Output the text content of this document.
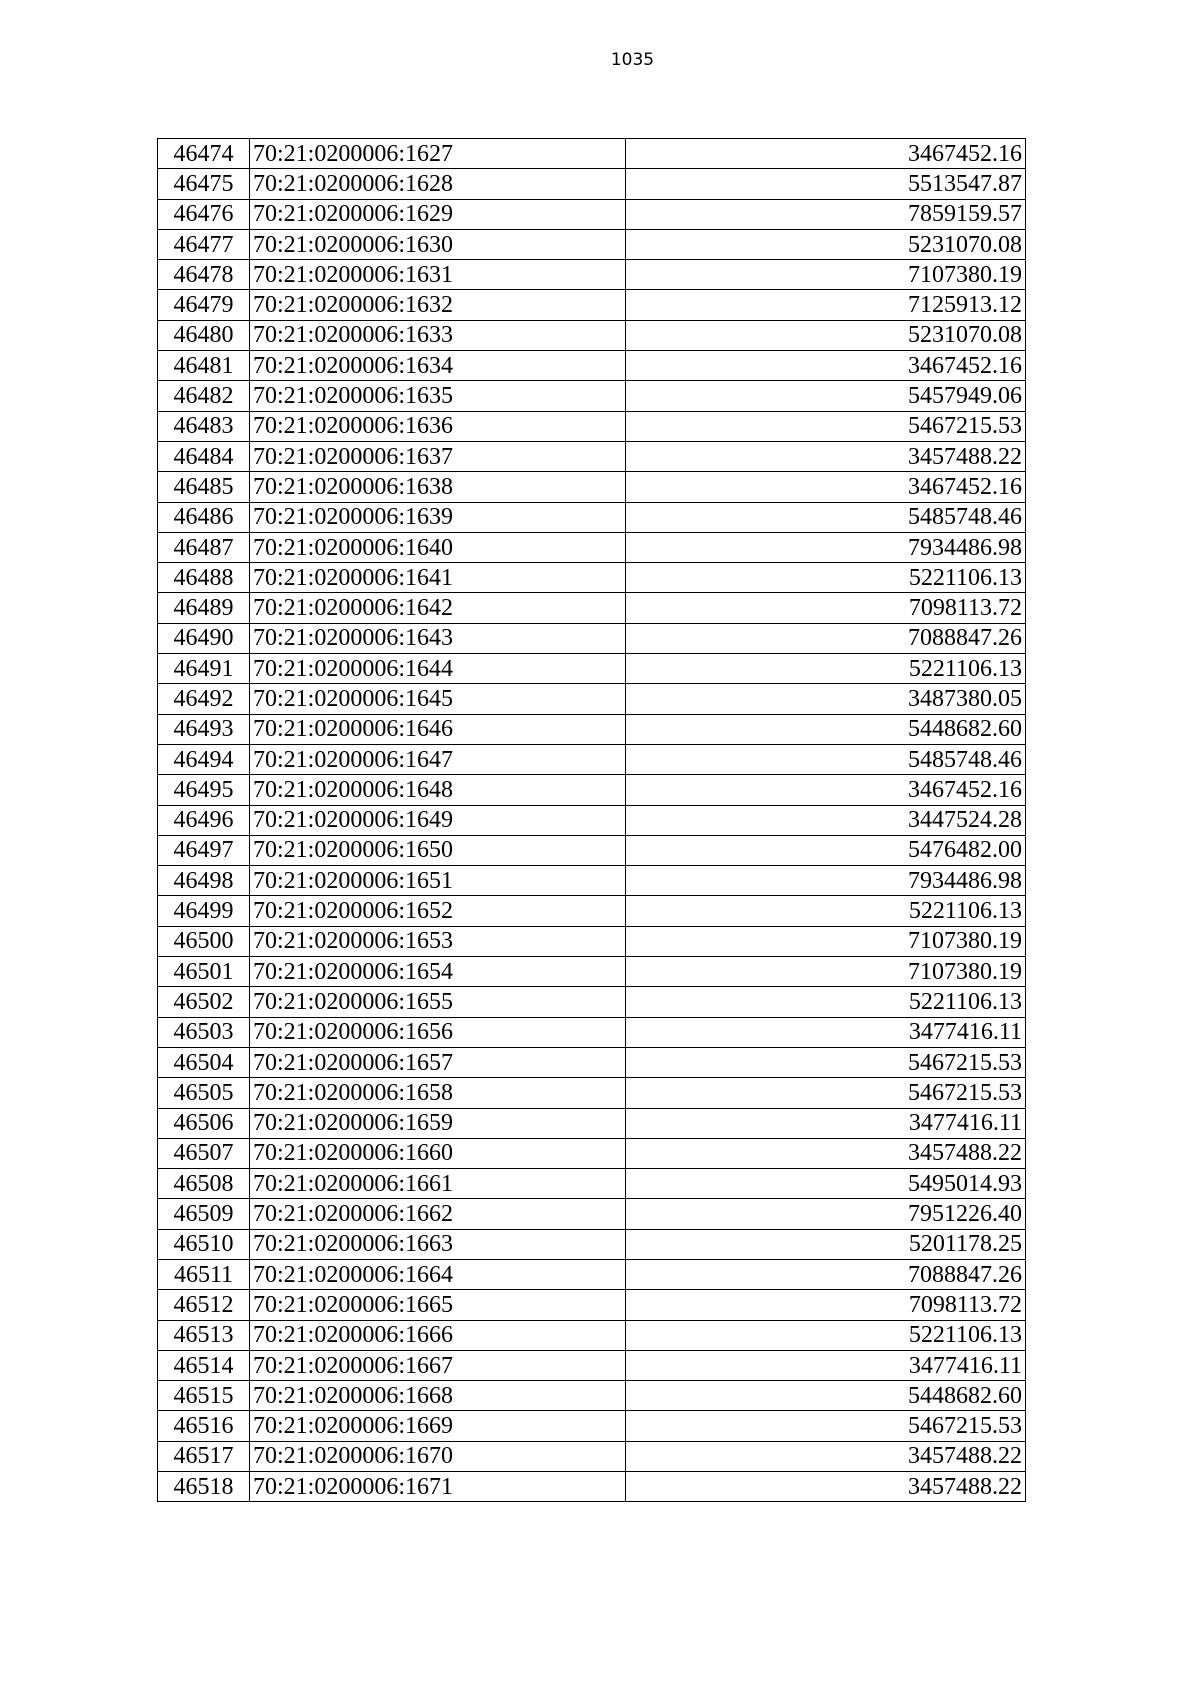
1035
46474	70:21:0200006:1627	3467452.16
46475	70:21:0200006:1628	5513547.87
46476	70:21:0200006:1629	7859159.57
46477	70:21:0200006:1630	5231070.08
46478	70:21:0200006:1631	7107380.19
46479	70:21:0200006:1632	7125913.12
46480	70:21:0200006:1633	5231070.08
46481	70:21:0200006:1634	3467452.16
46482	70:21:0200006:1635	5457949.06
46483	70:21:0200006:1636	5467215.53
46484	70:21:0200006:1637	3457488.22
46485	70:21:0200006:1638	3467452.16
46486	70:21:0200006:1639	5485748.46
46487	70:21:0200006:1640	7934486.98
46488	70:21:0200006:1641	5221106.13
46489	70:21:0200006:1642	7098113.72
46490	70:21:0200006:1643	7088847.26
46491	70:21:0200006:1644	5221106.13
46492	70:21:0200006:1645	3487380.05
46493	70:21:0200006:1646	5448682.60
46494	70:21:0200006:1647	5485748.46
46495	70:21:0200006:1648	3467452.16
46496	70:21:0200006:1649	3447524.28
46497	70:21:0200006:1650	5476482.00
46498	70:21:0200006:1651	7934486.98
46499	70:21:0200006:1652	5221106.13
46500	70:21:0200006:1653	7107380.19
46501	70:21:0200006:1654	7107380.19
46502	70:21:0200006:1655	5221106.13
46503	70:21:0200006:1656	3477416.11
46504	70:21:0200006:1657	5467215.53
46505	70:21:0200006:1658	5467215.53
46506	70:21:0200006:1659	3477416.11
46507	70:21:0200006:1660	3457488.22
46508	70:21:0200006:1661	5495014.93
46509	70:21:0200006:1662	7951226.40
46510	70:21:0200006:1663	5201178.25
46511	70:21:0200006:1664	7088847.26
46512	70:21:0200006:1665	7098113.72
46513	70:21:0200006:1666	5221106.13
46514	70:21:0200006:1667	3477416.11
46515	70:21:0200006:1668	5448682.60
46516	70:21:0200006:1669	5467215.53
46517	70:21:0200006:1670	3457488.22
46518	70:21:0200006:1671	3457488.22
